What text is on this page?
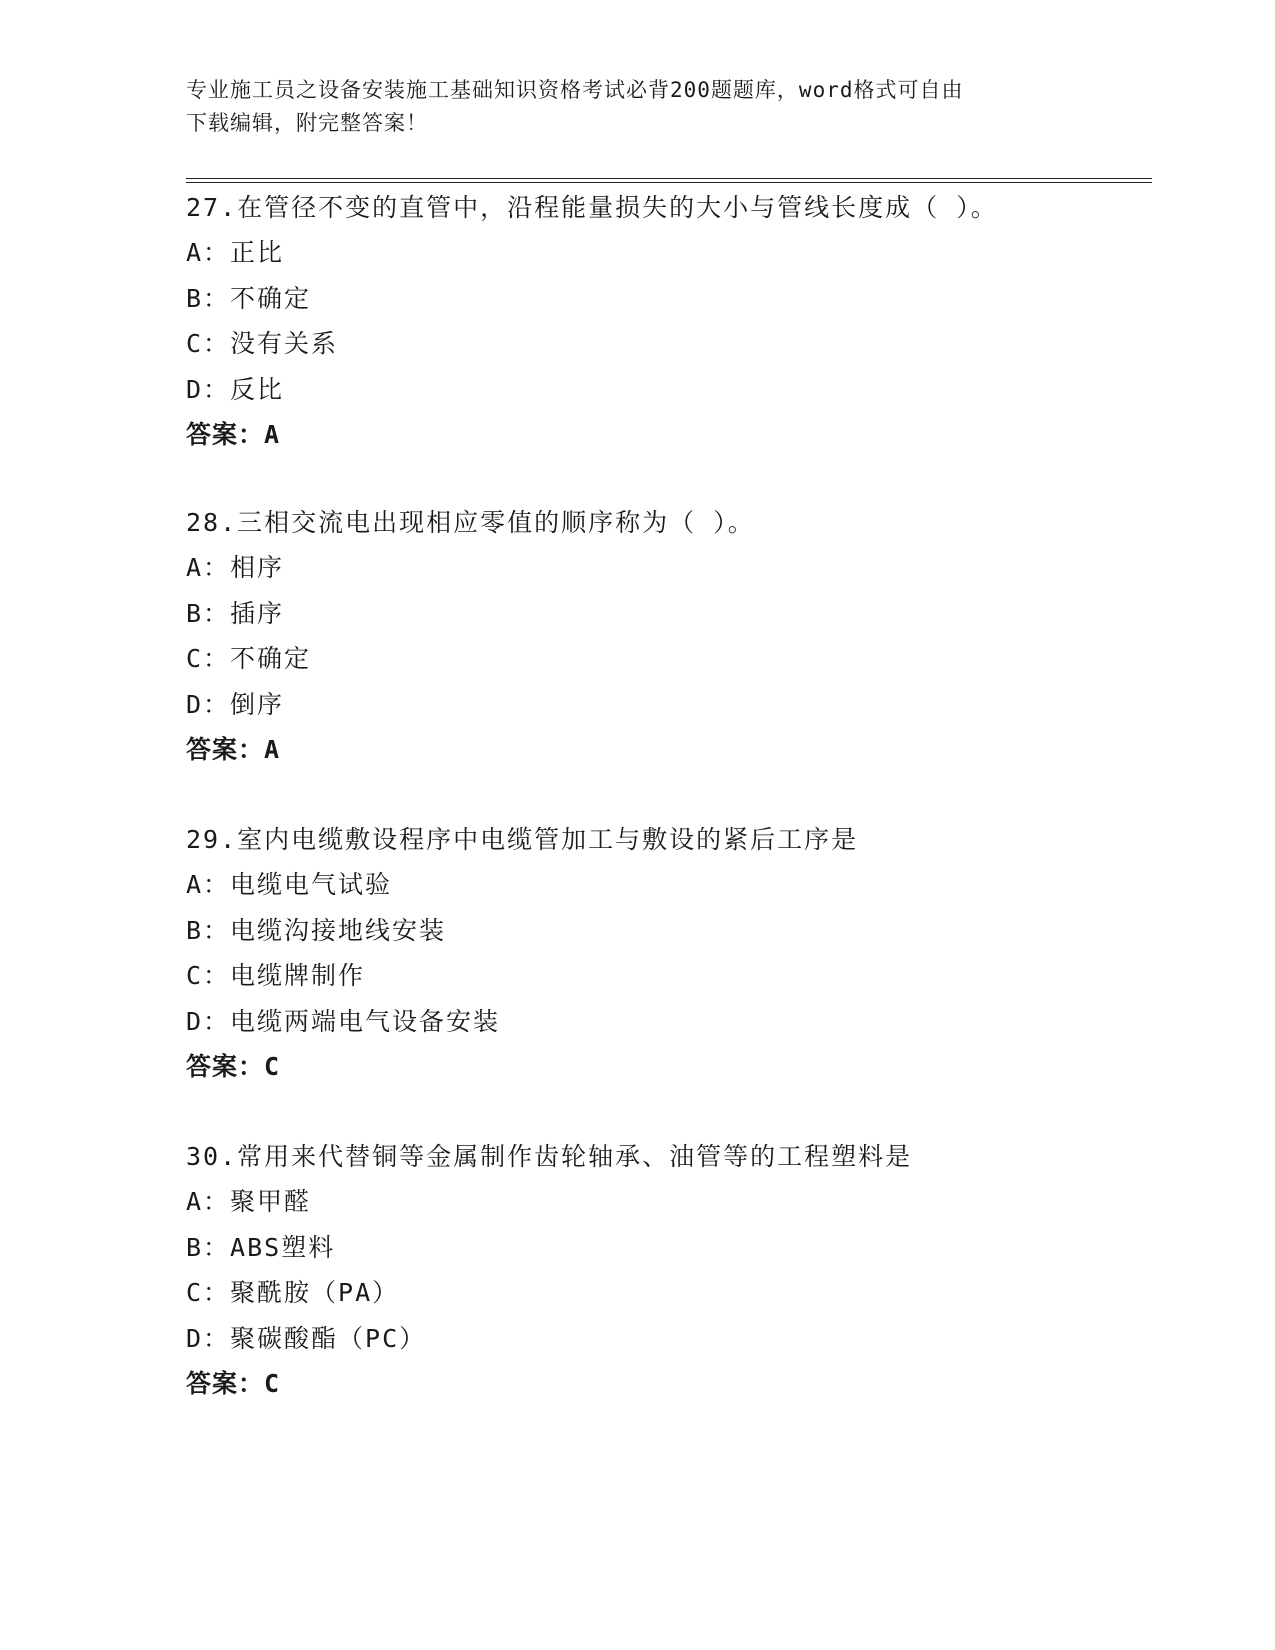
专业施工员之设备安装施工基础知识资格考试必背200题题库，word格式可自由
下载编辑，附完整答案！
27.在管径不变的直管中，沿程能量损失的大小与管线长度成（ ）。
A：正比
B：不确定
C：没有关系
D：反比
答案：A
28.三相交流电出现相应零值的顺序称为（ ）。
A：相序
B：插序
C：不确定
D：倒序
答案：A
29.室内电缆敷设程序中电缆管加工与敷设的紧后工序是
A：电缆电气试验
B：电缆沟接地线安装
C：电缆牌制作
D：电缆两端电气设备安装
答案：C
30.常用来代替铜等金属制作齿轮轴承、油管等的工程塑料是
A：聚甲醛
B：ABS塑料
C：聚酰胺（PA）
D：聚碳酸酯（PC）
答案：C
